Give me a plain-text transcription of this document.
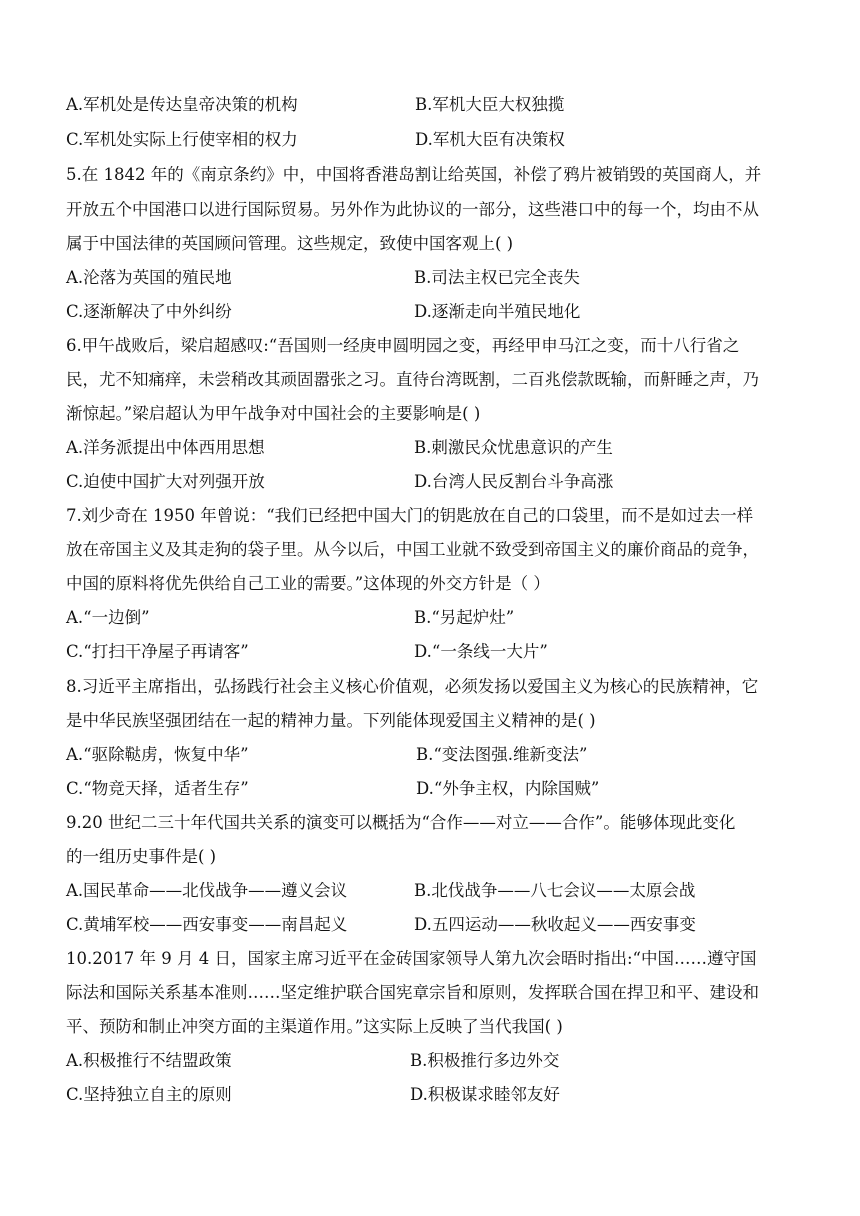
A.军机处是传达皇帝决策的机构	B.军机大臣大权独揽
C.军机处实际上行使宰相的权力	D.军机大臣有决策权
5.在 1842 年的《南京条约》中，中国将香港岛割让给英国，补偿了鸦片被销毁的英国商人，并
开放五个中国港口以进行国际贸易。另外作为此协议的一部分，这些港口中的每一个，均由不从
属于中国法律的英国顾问管理。这些规定，致使中国客观上( )
A.沦落为英国的殖民地	B.司法主权已完全丧失
C.逐渐解决了中外纠纷	D.逐渐走向半殖民地化
6.甲午战败后，梁启超感叹:“吾国则一经庚申圆明园之变，再经甲申马江之变，而十八行省之
民，尤不知痛痒，未尝稍改其顽固嚣张之习。直待台湾既割，二百兆偿款既输，而鼾睡之声，乃
渐惊起。”梁启超认为甲午战争对中国社会的主要影响是( )
A.洋务派提出中体西用思想	B.刺激民众忧患意识的产生
C.迫使中国扩大对列强开放	D.台湾人民反割台斗争高涨
7.刘少奇在 1950 年曾说：“我们已经把中国大门的钥匙放在自己的口袋里，而不是如过去一样
放在帝国主义及其走狗的袋子里。从今以后，中国工业就不致受到帝国主义的廉价商品的竞争，
中国的原料将优先供给自己工业的需要。”这体现的外交方针是（ ）
A.“一边倒”	B.“另起炉灶”
C.“打扫干净屋子再请客”	D.“一条线一大片”
8.习近平主席指出，弘扬践行社会主义核心价值观，必须发扬以爱国主义为核心的民族精神，它
是中华民族坚强团结在一起的精神力量。下列能体现爱国主义精神的是( )
A.“驱除鞑虏，恢复中华”	B.“变法图强.维新变法”
C.“物竞天择，适者生存”	D.“外争主权，内除国贼”
9.20 世纪二三十年代国共关系的演变可以概括为“合作——对立——合作”。能够体现此变化
的一组历史事件是( )
A.国民革命——北伐战争——遵义会议	B.北伐战争——八七会议——太原会战
C.黄埔军校——西安事变——南昌起义	D.五四运动——秋收起义——西安事变
10.2017 年 9 月 4 日，国家主席习近平在金砖国家领导人第九次会晤时指出:“中国……遵守国
际法和国际关系基本准则……坚定维护联合国宪章宗旨和原则，发挥联合国在捍卫和平、建设和
平、预防和制止冲突方面的主渠道作用。”这实际上反映了当代我国( )
A.积极推行不结盟政策	B.积极推行多边外交
C.坚持独立自主的原则	D.积极谋求睦邻友好
